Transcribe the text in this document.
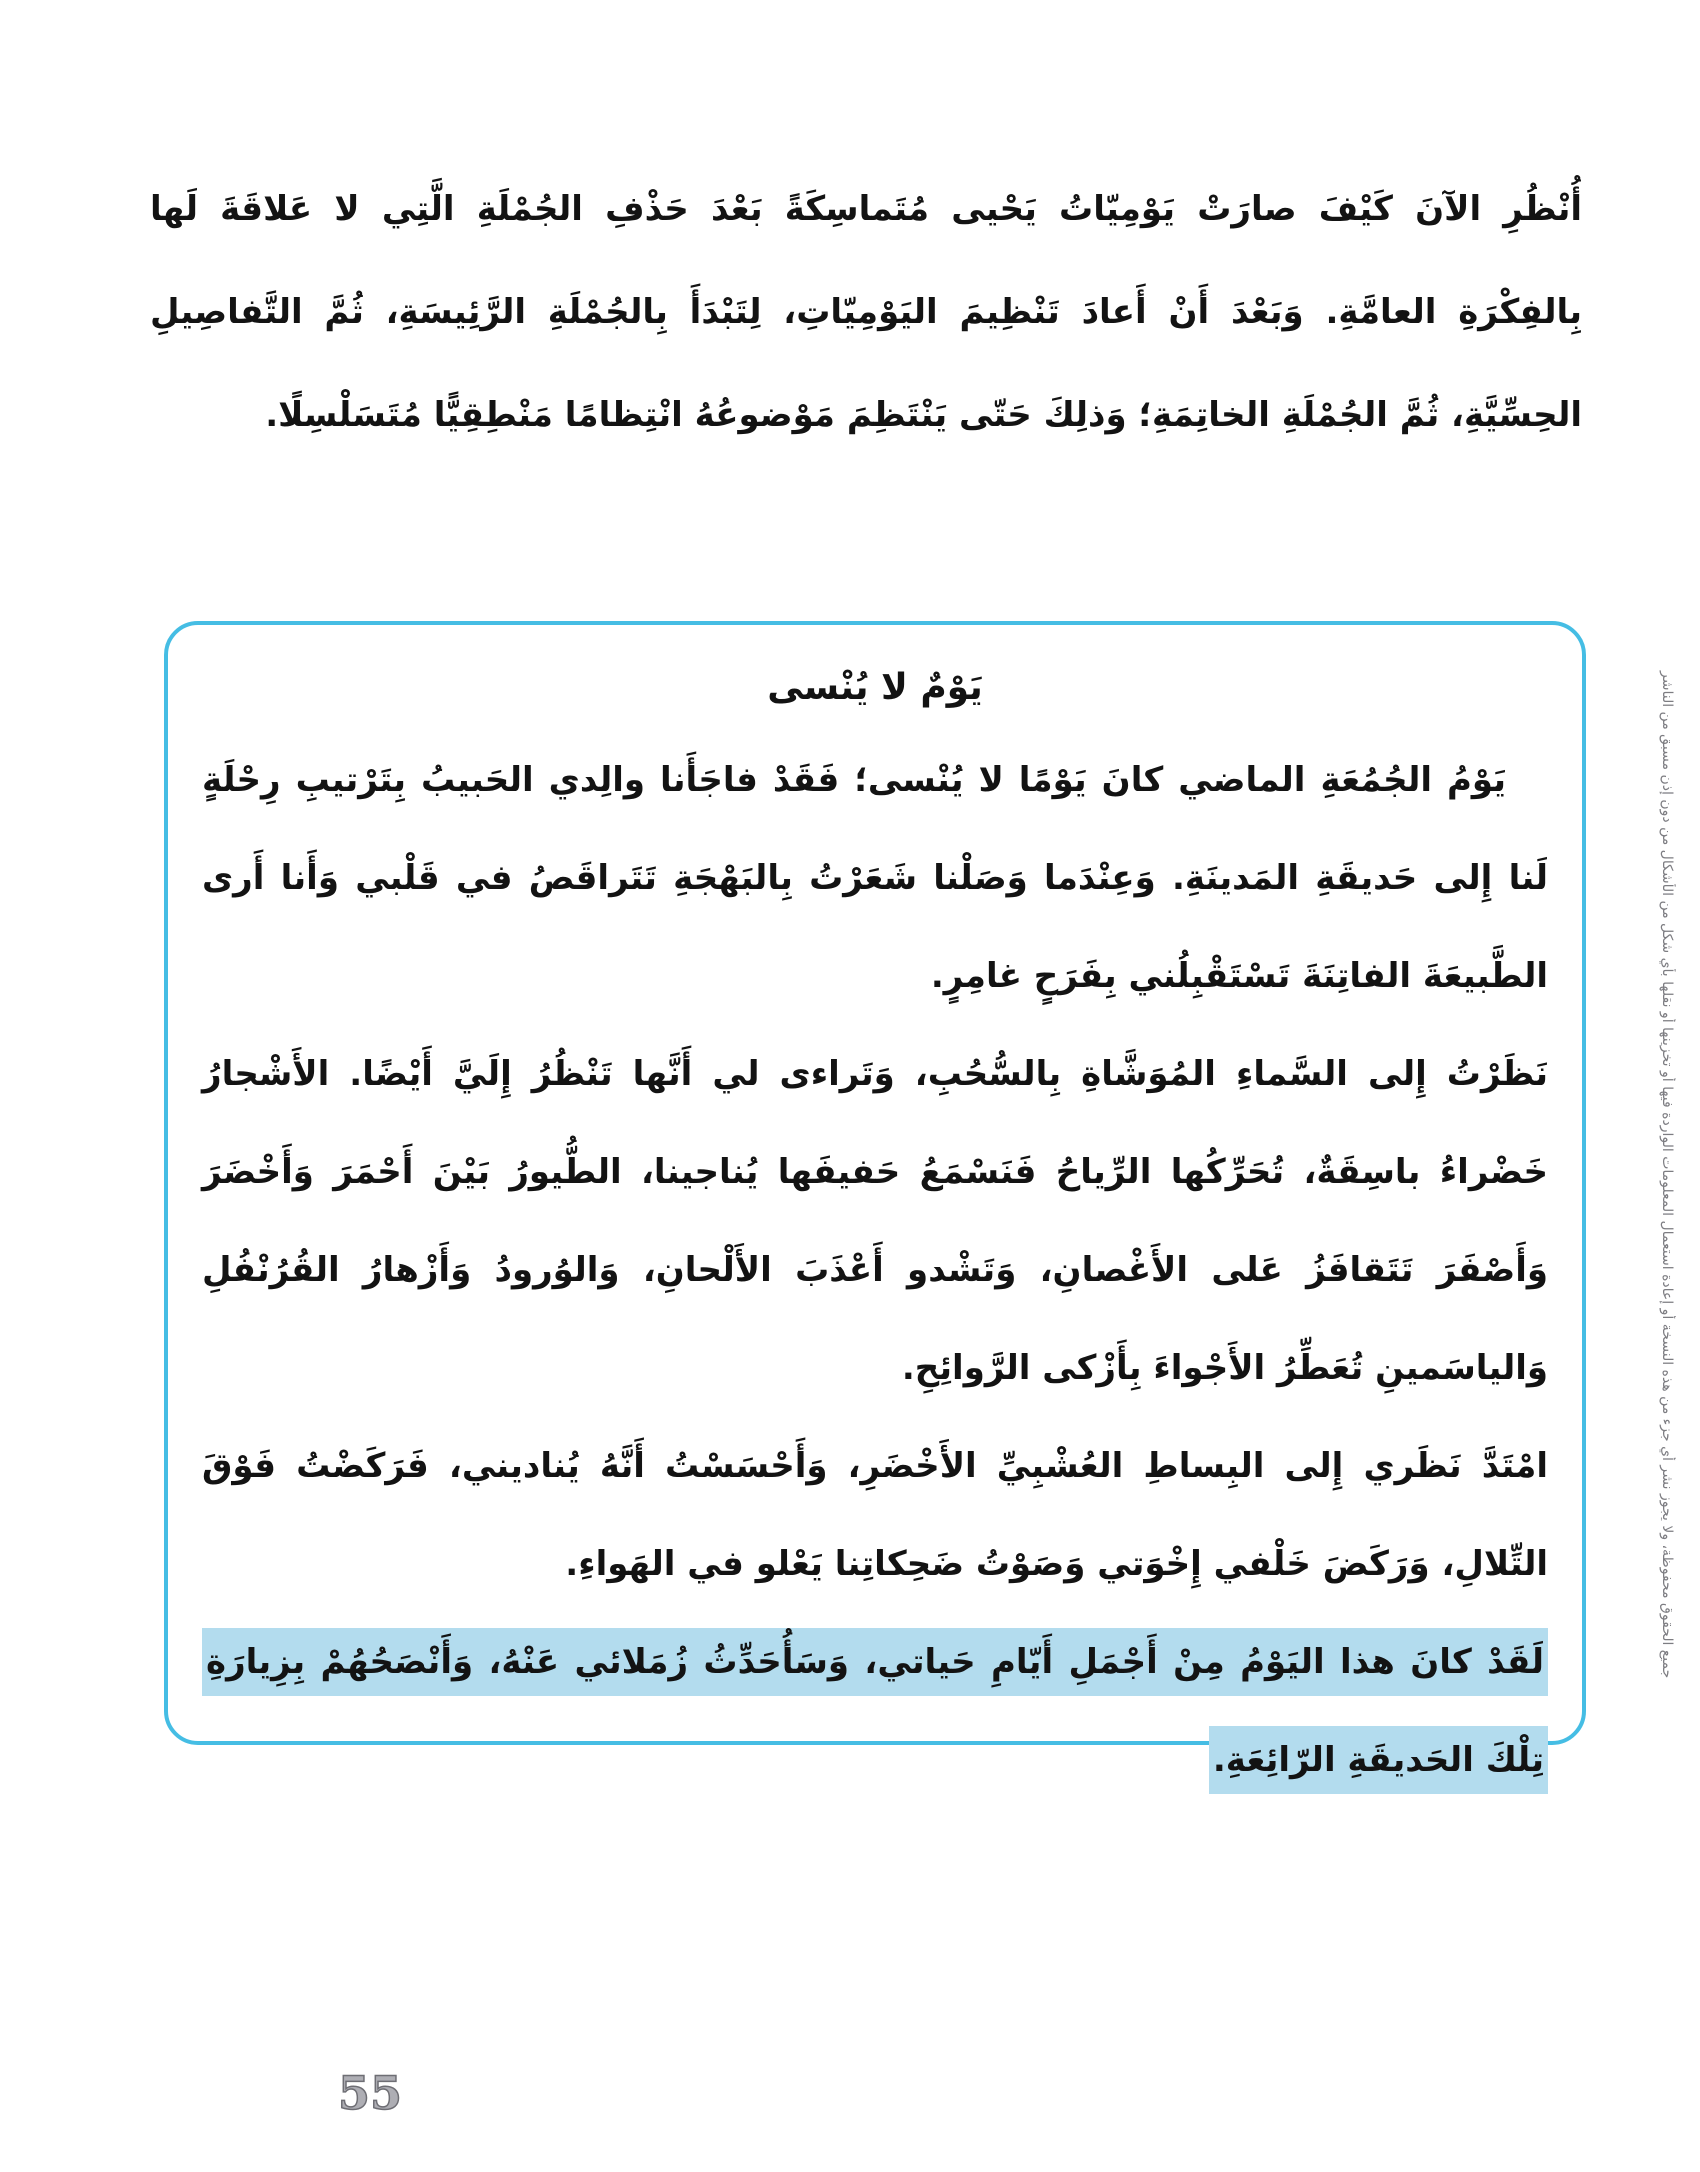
أُنْظُرِ الآنَ كَيْفَ صارَتْ يَوْمِيّاتُ يَحْيى مُتَماسِكَةً بَعْدَ حَذْفِ الجُمْلَةِ الَّتِي لا عَلاقَةَ لَها بِالفِكْرَةِ العامَّةِ. وَبَعْدَ أَنْ أَعادَ تَنْظِيمَ اليَوْمِيّاتِ، لِتَبْدَأَ بِالجُمْلَةِ الرَّئِيسَةِ، ثُمَّ التَّفاصِيلِ الحِسِّيَّةِ، ثُمَّ الجُمْلَةِ الخاتِمَةِ؛ وَذلِكَ حَتّى يَنْتَظِمَ مَوْضوعُهُ انْتِظامًا مَنْطِقِيًّا مُتَسَلْسِلًا.

يَوْمٌ لا يُنْسى

يَوْمُ الجُمُعَةِ الماضي كانَ يَوْمًا لا يُنْسى؛ فَقَدْ فاجَأَنا والِدي الحَبيبُ بِتَرْتيبِ رِحْلَةٍ لَنا إِلى حَديقَةِ المَدينَةِ. وَعِنْدَما وَصَلْنا شَعَرْتُ بِالبَهْجَةِ تَتَراقَصُ في قَلْبي وَأَنا أَرى الطَّبيعَةَ الفاتِنَةَ تَسْتَقْبِلُني بِفَرَحٍ غامِرٍ.

نَظَرْتُ إِلى السَّماءِ المُوَشَّاةِ بِالسُّحُبِ، وَتَراءى لي أَنَّها تَنْظُرُ إِلَيَّ أَيْضًا. الأَشْجارُ خَضْراءُ باسِقَةٌ، تُحَرِّكُها الرِّياحُ فَنَسْمَعُ حَفيفَها يُناجينا، الطُّيورُ بَيْنَ أَحْمَرَ وَأَخْضَرَ وَأَصْفَرَ تَتَقافَزُ عَلى الأَغْصانِ، وَتَشْدو أَعْذَبَ الأَلْحانِ، وَالوُرودُ وَأَزْهارُ القُرُنْفُلِ وَالياسَمينِ تُعَطِّرُ الأَجْواءَ بِأَزْكى الرَّوائِحِ.

امْتَدَّ نَظَري إِلى البِساطِ العُشْبِيِّ الأَخْضَرِ، وَأَحْسَسْتُ أَنَّهُ يُناديني، فَرَكَضْتُ فَوْقَ التِّلالِ، وَرَكَضَ خَلْفي إِخْوَتي وَصَوْتُ ضَحِكاتِنا يَعْلو في الهَواءِ.

لَقَدْ كانَ هذا اليَوْمُ مِنْ أَجْمَلِ أَيّامِ حَياتي، وَسَأُحَدِّثُ زُمَلائي عَنْهُ، وَأَنْصَحُهُمْ بِزِيارَةِ تِلْكَ الحَديقَةِ الرّائِعَةِ.

جميع الحقوق محفوظة، ولا يجوز نشر أي جزء من هذه النسخة أو إعادة استعمال المعلومات الواردة فيها أو تخزينها أو نقلها بأي شكل من الأشكال من دون إذن مسبق من الناشر
55
